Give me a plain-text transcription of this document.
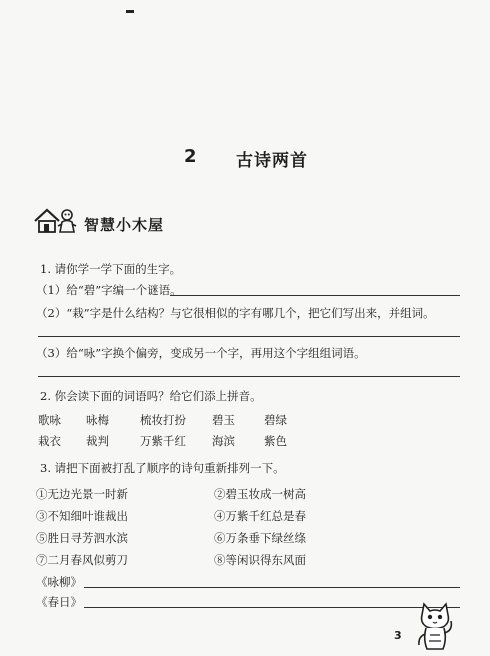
2 古诗两首
智慧小木屋
1. 请你学一学下面的生字。
（1）给“碧”字编一个谜语。
（2）“栽”字是什么结构？与它很相似的字有哪几个，把它们写出来，并组词。
（3）给“咏”字换个偏旁，变成另一个字，再用这个字组组词语。
2. 你会读下面的词语吗？给它们添上拼音。
歌咏 咏梅	梳妆打扮 碧玉	碧绿
栽衣 裁判	万紫千红 海滨	紫色
3. 请把下面被打乱了顺序的诗句重新排列一下。
①无边光景一时新	②碧玉妆成一树高
③不知细叶谁裁出	④万紫千红总是春
⑤胜日寻芳泗水滨	⑥万条垂下绿丝绦
⑦二月春风似剪刀	⑧等闲识得东风面
《咏柳》
《春日》
3
